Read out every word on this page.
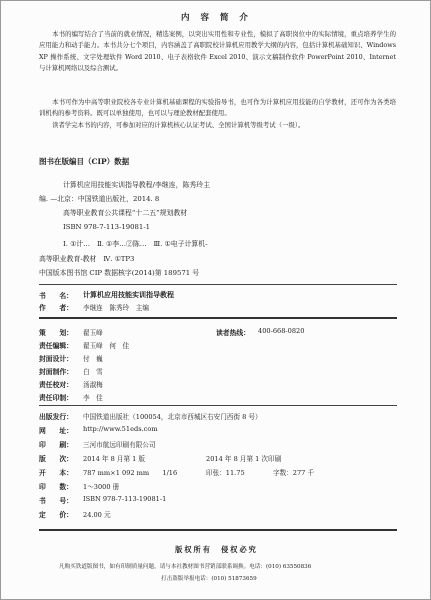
内 容 简 介
本书的编写结合了当前的就业情况，精选案例，以突出实用性和专业性，模拟了高职岗位中的实际情境，重点培养学生的应用能力和动手能力。本书共分七个项目，内容涵盖了高职院校计算机应用教学大纲的内容，包括计算机基础知识、Windows XP 操作系统、文字处理软件 Word 2010、电子表格软件 Excel 2010、演示文稿制作软件 PowerPoint 2010、Internet 与计算机网络以及综合测试。
本书可作为中高等职业院校各专业计算机基础课程的实验指导书，也可作为计算机应用技能的自学教材，还可作为各类培训机构的参考资料。既可以单独使用，也可以与理论教材配套使用。
读者学完本书的内容，可参加对应的计算机核心认证考试、全国计算机等级考试（一级）。
图书在版编目（CIP）数据
计算机应用技能实训指导教程/李继连，陈秀玲主
编. —北京：中国铁道出版社，2014. 8
高等职业教育公共课程“十二五”规划教材
ISBN 978-7-113-19081-1
Ⅰ. ①计…　Ⅱ. ①李…②陈…　Ⅲ. ①电子计算机-
高等职业教育-教材　Ⅳ. ①TP3
中国版本图书馆 CIP 数据核字(2014)第 189571 号
书　　名： 计算机应用技能实训指导教程
作　　者： 李继连　陈秀玲　主编
策　　划： 翟玉峰	读者热线： 400-668-0820
责任编辑： 翟玉峰　何　佳
封面设计： 付　巍
封面制作： 白　雪
责任校对： 汤淑梅
责任印制： 李　佳
出版发行： 中国铁道出版社（100054，北京市西城区右安门西街 8 号）
网　　址： http://www.51eds.com
印　　刷： 三河市航远印刷有限公司
版　　次： 2014 年 8 月第 1 版	2014 年 8 月第 1 次印刷
开　　本： 787 mm×1 092 mm　　1/16	印张：11.75	字数：277 千
印　　数： 1～3000 册
书　　号： ISBN 978-7-113-19081-1
定　　价： 24.00 元
版权所有　侵权必究
凡购买铁道版图书，如有印制质量问题，请与本社教材图书营销部联系调换。电话：(010) 63550836
打击盗版举报电话：(010) 51873659
